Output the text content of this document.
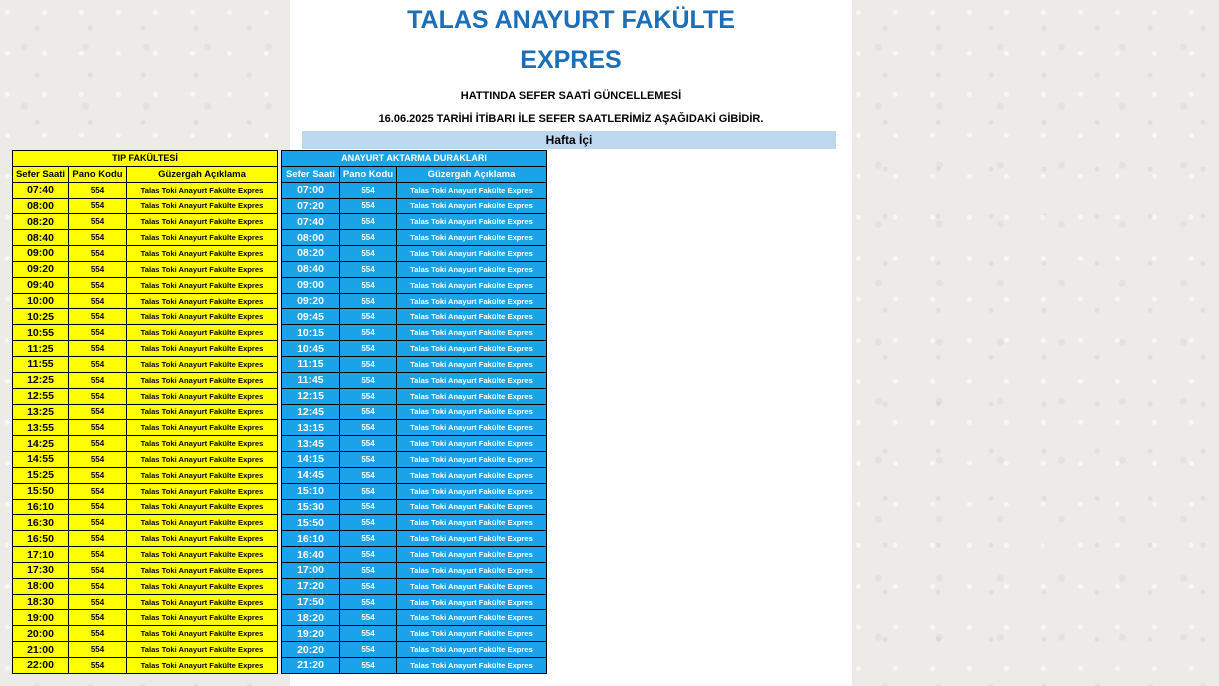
TALAS ANAYURT FAKÜLTE
EXPRES
HATTINDA SEFER SAATİ GÜNCELLEMESİ
16.06.2025 TARİHİ İTİBARI İLE SEFER SAATLERİMİZ AŞAĞIDAKİ GİBİDİR.
Hafta İçi
TIP FAKÜLTESİ		
Sefer Saati	Pano Kodu	Güzergah Açıklama
07:40	554	Talas Toki Anayurt Fakülte Expres
08:00	554	Talas Toki Anayurt Fakülte Expres
08:20	554	Talas Toki Anayurt Fakülte Expres
08:40	554	Talas Toki Anayurt Fakülte Expres
09:00	554	Talas Toki Anayurt Fakülte Expres
09:20	554	Talas Toki Anayurt Fakülte Expres
09:40	554	Talas Toki Anayurt Fakülte Expres
10:00	554	Talas Toki Anayurt Fakülte Expres
10:25	554	Talas Toki Anayurt Fakülte Expres
10:55	554	Talas Toki Anayurt Fakülte Expres
11:25	554	Talas Toki Anayurt Fakülte Expres
11:55	554	Talas Toki Anayurt Fakülte Expres
12:25	554	Talas Toki Anayurt Fakülte Expres
12:55	554	Talas Toki Anayurt Fakülte Expres
13:25	554	Talas Toki Anayurt Fakülte Expres
13:55	554	Talas Toki Anayurt Fakülte Expres
14:25	554	Talas Toki Anayurt Fakülte Expres
14:55	554	Talas Toki Anayurt Fakülte Expres
15:25	554	Talas Toki Anayurt Fakülte Expres
15:50	554	Talas Toki Anayurt Fakülte Expres
16:10	554	Talas Toki Anayurt Fakülte Expres
16:30	554	Talas Toki Anayurt Fakülte Expres
16:50	554	Talas Toki Anayurt Fakülte Expres
17:10	554	Talas Toki Anayurt Fakülte Expres
17:30	554	Talas Toki Anayurt Fakülte Expres
18:00	554	Talas Toki Anayurt Fakülte Expres
18:30	554	Talas Toki Anayurt Fakülte Expres
19:00	554	Talas Toki Anayurt Fakülte Expres
20:00	554	Talas Toki Anayurt Fakülte Expres
21:00	554	Talas Toki Anayurt Fakülte Expres
22:00	554	Talas Toki Anayurt Fakülte Expres
ANAYURT AKTARMA DURAKLARI		
Sefer Saati	Pano Kodu	Güzergah Açıklama
07:00	554	Talas Toki Anayurt Fakülte Expres
07:20	554	Talas Toki Anayurt Fakülte Expres
07:40	554	Talas Toki Anayurt Fakülte Expres
08:00	554	Talas Toki Anayurt Fakülte Expres
08:20	554	Talas Toki Anayurt Fakülte Expres
08:40	554	Talas Toki Anayurt Fakülte Expres
09:00	554	Talas Toki Anayurt Fakülte Expres
09:20	554	Talas Toki Anayurt Fakülte Expres
09:45	554	Talas Toki Anayurt Fakülte Expres
10:15	554	Talas Toki Anayurt Fakülte Expres
10:45	554	Talas Toki Anayurt Fakülte Expres
11:15	554	Talas Toki Anayurt Fakülte Expres
11:45	554	Talas Toki Anayurt Fakülte Expres
12:15	554	Talas Toki Anayurt Fakülte Expres
12:45	554	Talas Toki Anayurt Fakülte Expres
13:15	554	Talas Toki Anayurt Fakülte Expres
13:45	554	Talas Toki Anayurt Fakülte Expres
14:15	554	Talas Toki Anayurt Fakülte Expres
14:45	554	Talas Toki Anayurt Fakülte Expres
15:10	554	Talas Toki Anayurt Fakülte Expres
15:30	554	Talas Toki Anayurt Fakülte Expres
15:50	554	Talas Toki Anayurt Fakülte Expres
16:10	554	Talas Toki Anayurt Fakülte Expres
16:40	554	Talas Toki Anayurt Fakülte Expres
17:00	554	Talas Toki Anayurt Fakülte Expres
17:20	554	Talas Toki Anayurt Fakülte Expres
17:50	554	Talas Toki Anayurt Fakülte Expres
18:20	554	Talas Toki Anayurt Fakülte Expres
19:20	554	Talas Toki Anayurt Fakülte Expres
20:20	554	Talas Toki Anayurt Fakülte Expres
21:20	554	Talas Toki Anayurt Fakülte Expres
